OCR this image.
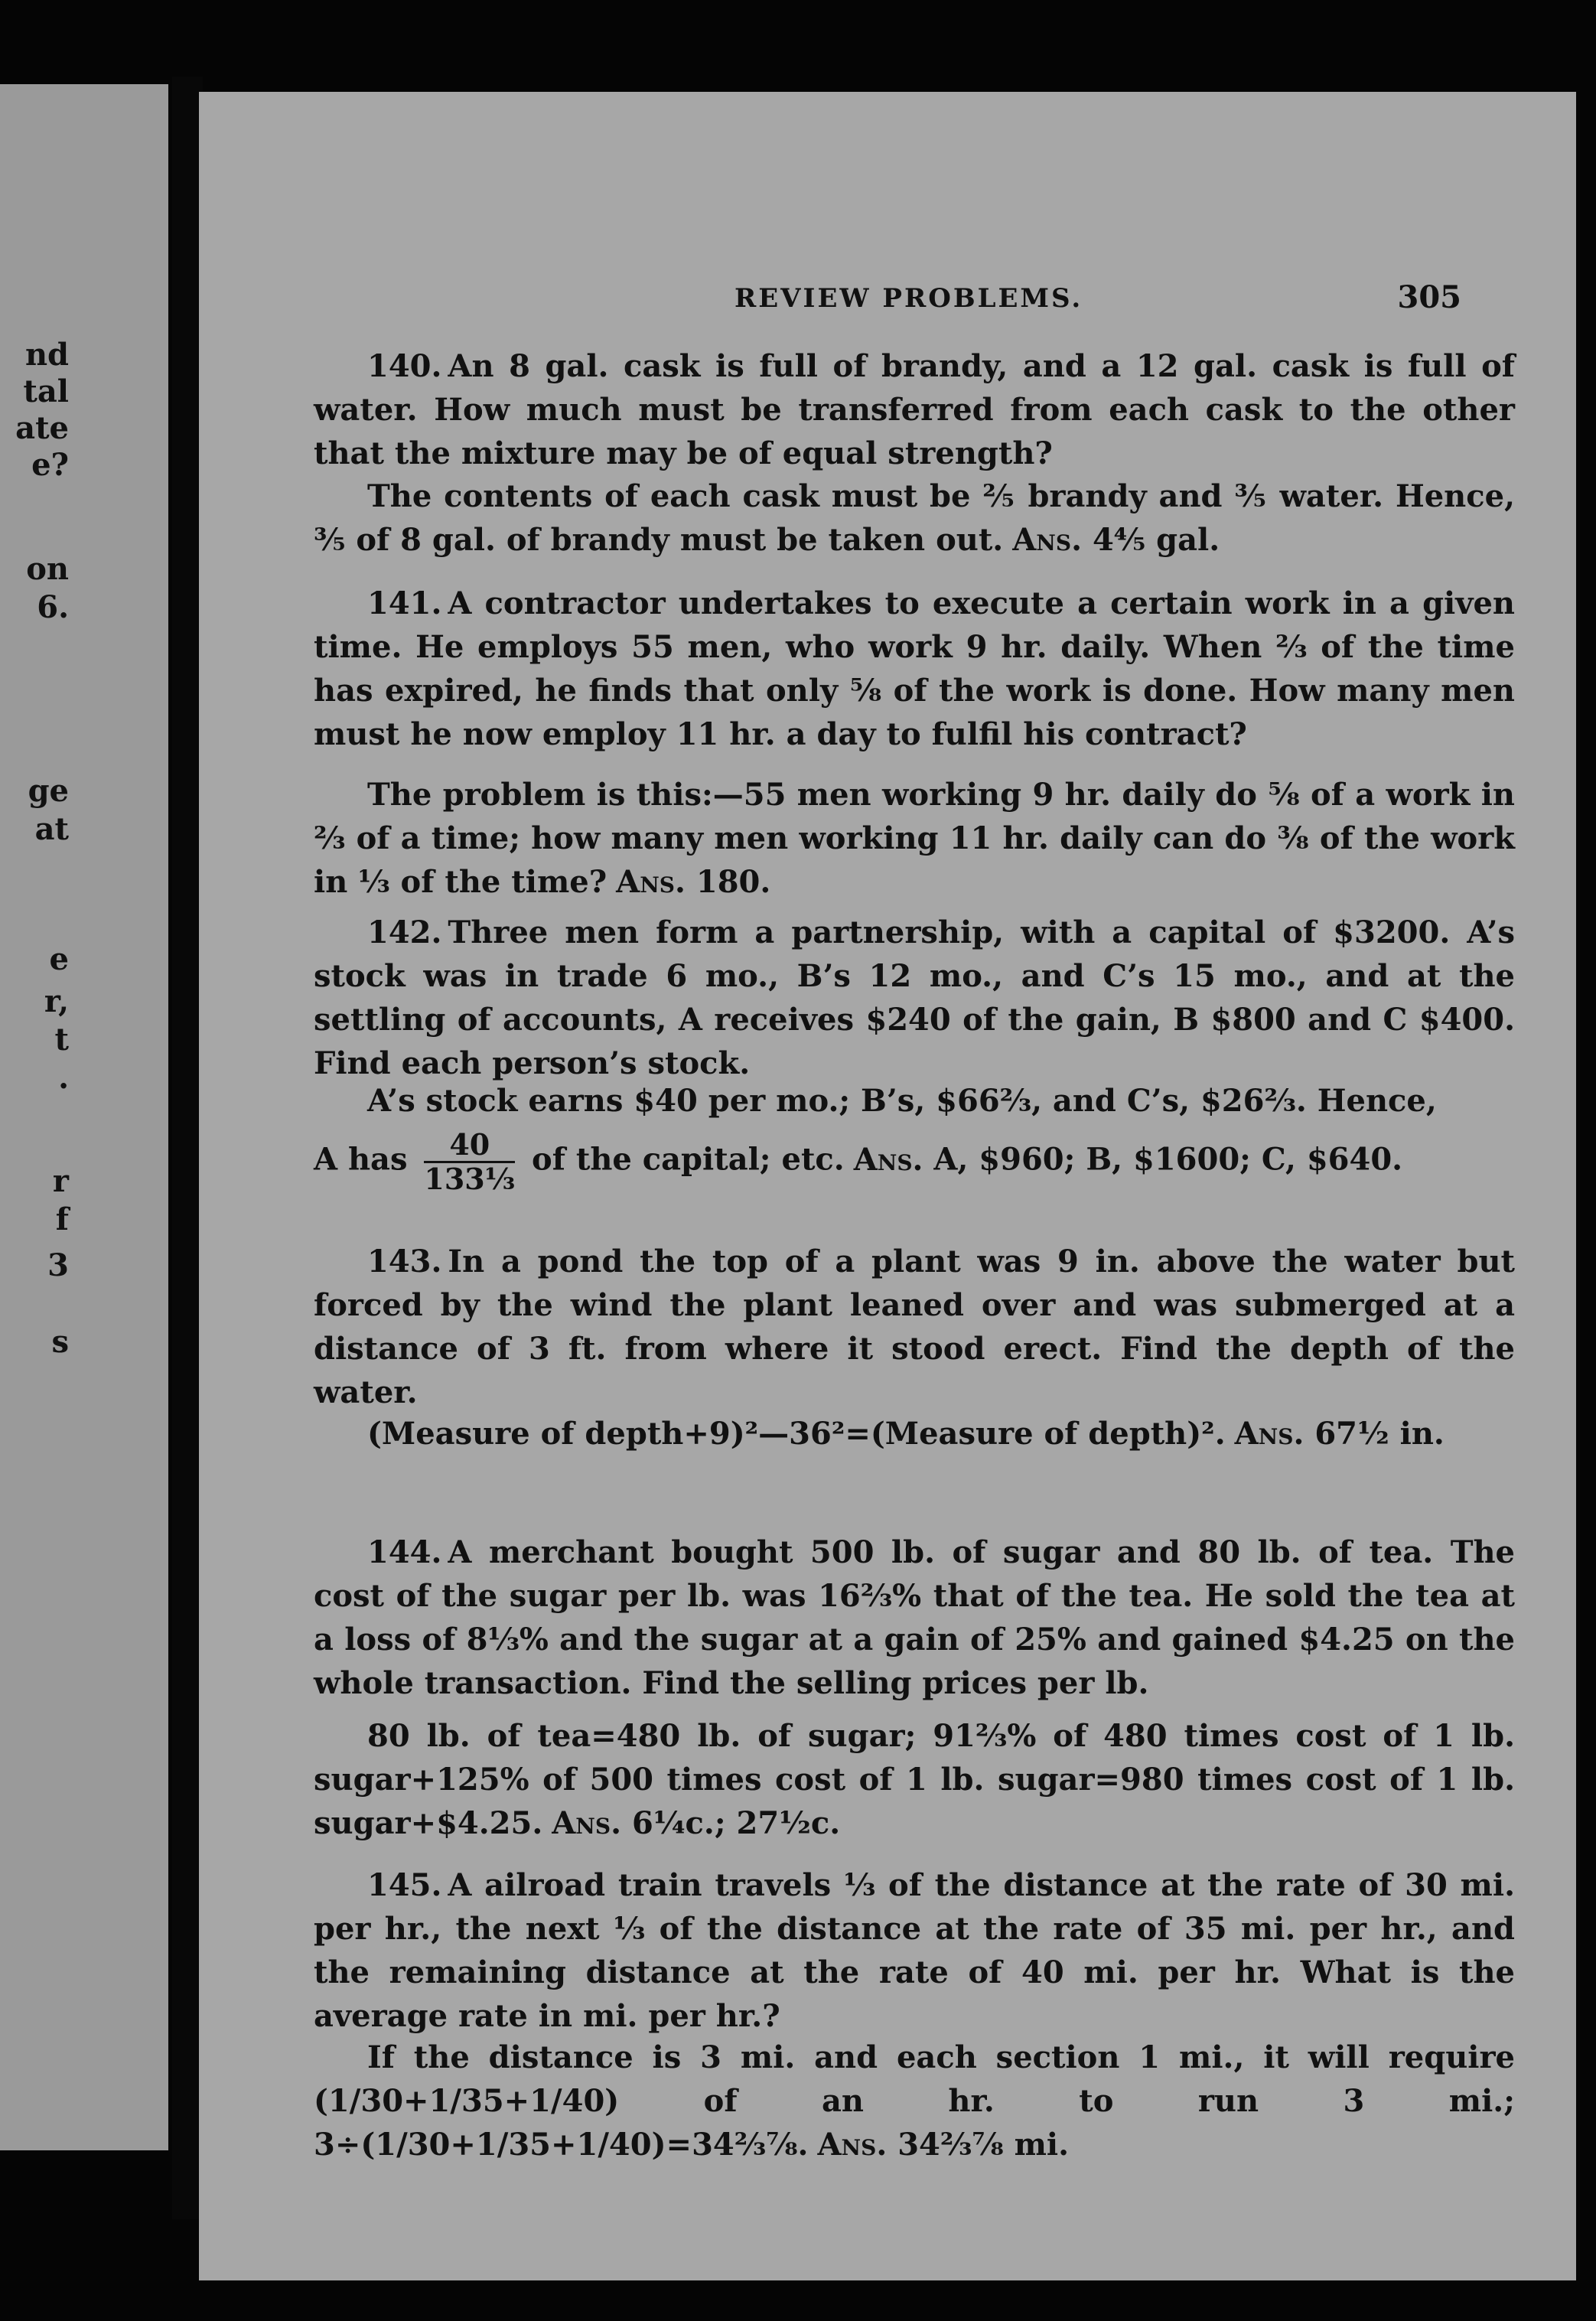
nd
tal
ate
e?
on
6.
ge
at
e
r,
t
.
r
f
3
s
REVIEW PROBLEMS.	305
140. An 8 gal. cask is full of brandy, and a 12 gal. cask is full of water. How much must be transferred from each cask to the other that the mixture may be of equal strength?
The contents of each cask must be ⅖ brandy and ⅗ water. Hence, ⅗ of 8 gal. of brandy must be taken out. Ans. 4⅘ gal.
141. A contractor undertakes to execute a certain work in a given time. He employs 55 men, who work 9 hr. daily. When ⅔ of the time has expired, he finds that only ⅝ of the work is done. How many men must he now employ 11 hr. a day to fulfil his contract?
The problem is this:—55 men working 9 hr. daily do ⅝ of a work in ⅔ of a time; how many men working 11 hr. daily can do ⅜ of the work in ⅓ of the time? Ans. 180.
142. Three men form a partnership, with a capital of $3200. A’s stock was in trade 6 mo., B’s 12 mo., and C’s 15 mo., and at the settling of accounts, A receives $240 of the gain, B $800 and C $400. Find each person’s stock.
A’s stock earns $40 per mo.; B’s, $66⅔, and C’s, $26⅔. Hence,
A has $\frac{40}{\text{133⅓}}$ of the capital; etc. Ans. A, $960; B, $1600; C, $640.
143. In a pond the top of a plant was 9 in. above the water but forced by the wind the plant leaned over and was submerged at a distance of 3 ft. from where it stood erect. Find the depth of the water.
(Measure of depth+9)²—36²=(Measure of depth)². Ans. 67½ in.
144. A merchant bought 500 lb. of sugar and 80 lb. of tea. The cost of the sugar per lb. was 16⅔% that of the tea. He sold the tea at a loss of 8⅓% and the sugar at a gain of 25% and gained $4.25 on the whole transaction. Find the selling prices per lb.
80 lb. of tea=480 lb. of sugar; 91⅔% of 480 times cost of 1 lb. sugar+125% of 500 times cost of 1 lb. sugar=980 times cost of 1 lb. sugar+$4.25. Ans. 6¼c.; 27½c.
145. A ailroad train travels ⅓ of the distance at the rate of 30 mi. per hr., the next ⅓ of the distance at the rate of 35 mi. per hr., and the remaining distance at the rate of 40 mi. per hr. What is the average rate in mi. per hr.?
If the distance is 3 mi. and each section 1 mi., it will require (1/30+1/35+1/40) of an hr. to run 3 mi.; 3÷(1/30+1/35+1/40)=34⅔⅞. Ans. 34⅔⅞ mi.
